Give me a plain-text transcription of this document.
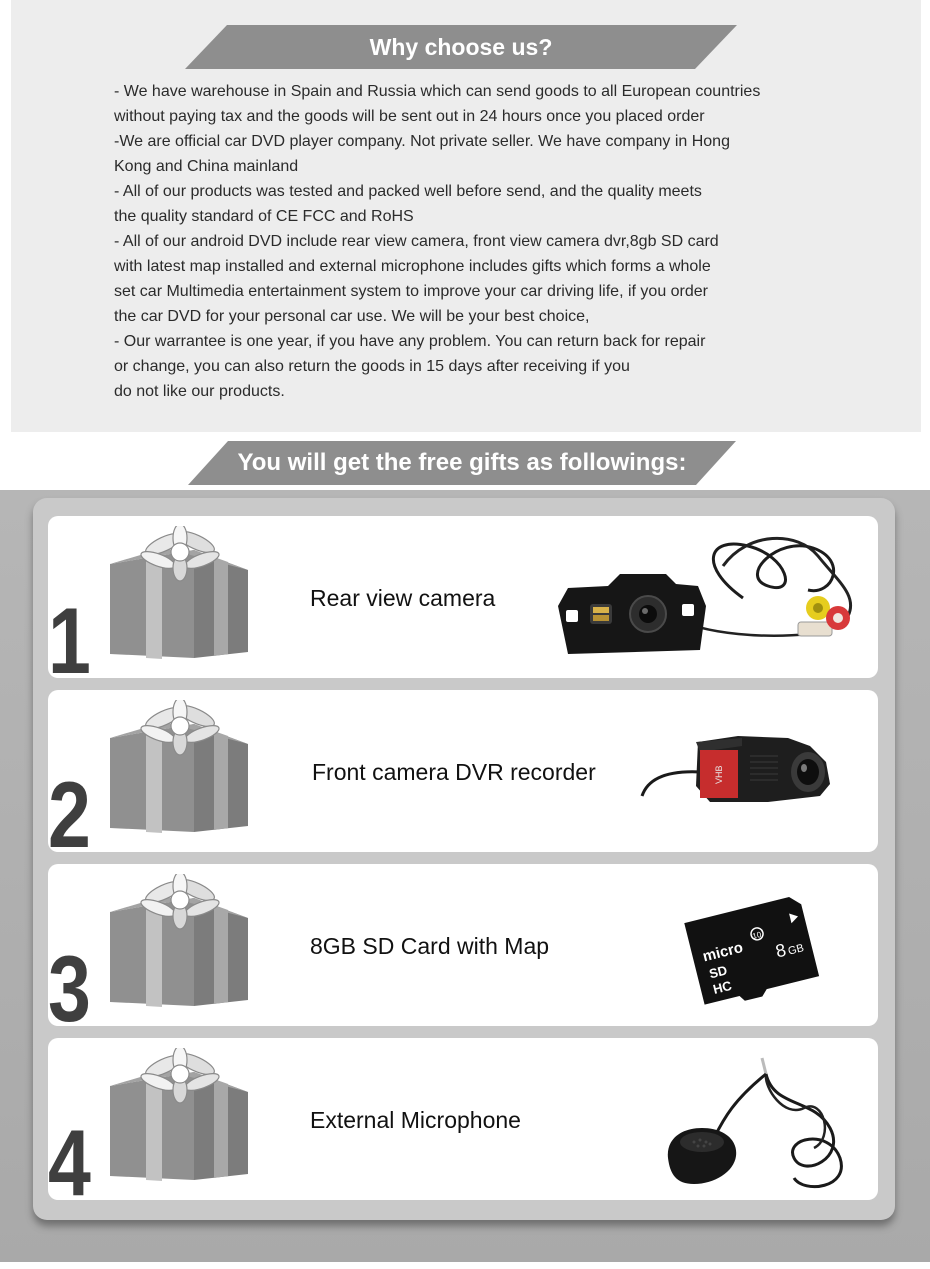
Why choose us?
- We have warehouse in Spain and Russia which can send goods to all European countries
without paying tax and the goods will be sent out in 24 hours once you placed order
-We are official car DVD player company. Not private seller. We have company in Hong
Kong and China mainland
- All of our products was tested and packed well before send, and the quality meets
the quality standard of CE FCC and RoHS
- All of our android DVD include rear view camera, front view camera dvr,8gb SD card
with latest map installed and external microphone includes gifts which forms a whole
set car Multimedia entertainment system to improve your car driving life, if you order
the car DVD for your personal car use. We will be your best choice,
- Our warrantee is one year, if you have any problem. You can return back for repair
or change, you can also return the goods in 15 days after receiving if you
do not like our products.
You will get the free gifts as followings:
1	Rear view camera
2	Front camera DVR recorder	VHB
3	8GB SD Card with Map	micro
SD
HC
10
8
GB
4	External Microphone
